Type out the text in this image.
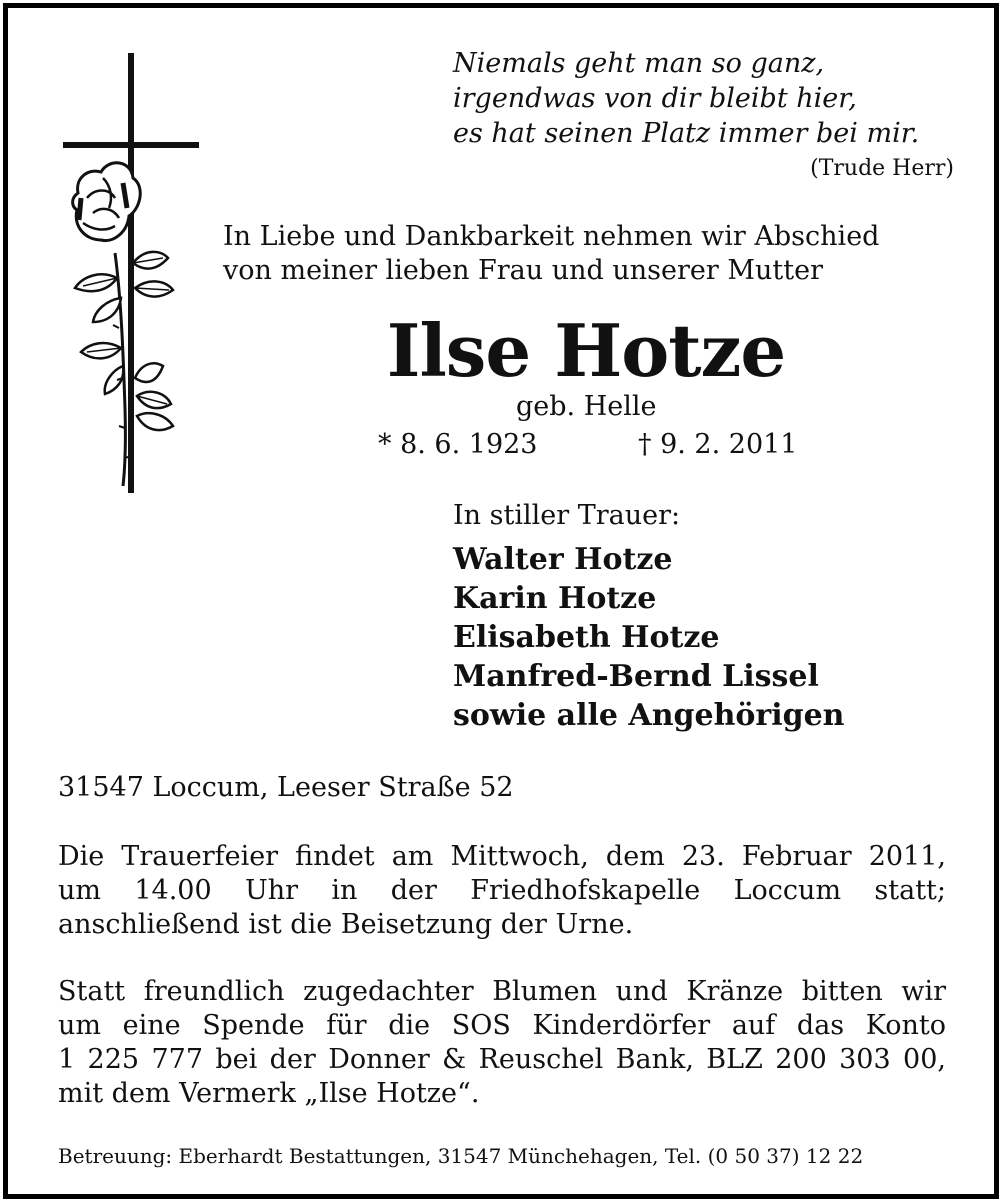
Niemals geht man so ganz,
irgendwas von dir bleibt hier,
es hat seinen Platz immer bei mir.
(Trude Herr)
In Liebe und Dankbarkeit nehmen wir Abschied
von meiner lieben Frau und unserer Mutter
Ilse Hotze
geb. Helle
* 8. 6. 1923	† 9. 2. 2011
In stiller Trauer:
Walter Hotze
Karin Hotze
Elisabeth Hotze
Manfred-Bernd Lissel
sowie alle Angehörigen
31547 Loccum, Leeser Straße 52
Die Trauerfeier findet am Mittwoch, dem 23. Februar 2011,
um 14.00 Uhr in der Friedhofskapelle Loccum statt;
anschließend ist die Beisetzung der Urne.
Statt freundlich zugedachter Blumen und Kränze bitten wir
um eine Spende für die SOS Kinderdörfer auf das Konto
1 225 777 bei der Donner & Reuschel Bank, BLZ 200 303 00,
mit dem Vermerk „Ilse Hotze“.
Betreuung: Eberhardt Bestattungen, 31547 Münchehagen, Tel. (0 50 37) 12 22
